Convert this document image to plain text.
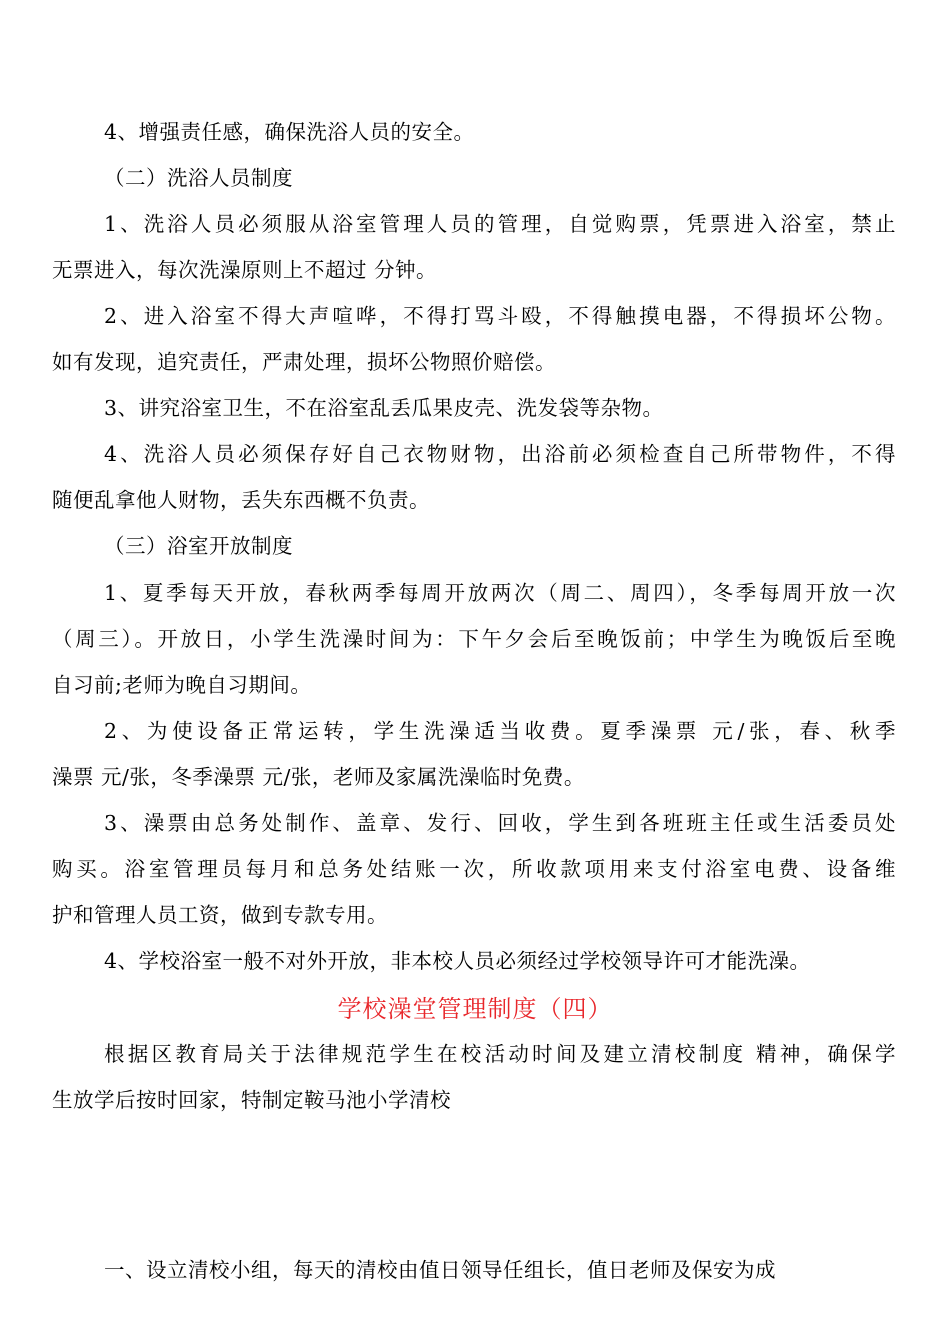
4、增强责任感，确保洗浴人员的安全。
（二）洗浴人员制度
1、洗浴人员必须服从浴室管理人员的管理，自觉购票，凭票进入浴室，禁止
无票进入，每次洗澡原则上不超过 分钟。
2、进入浴室不得大声喧哗，不得打骂斗殴，不得触摸电器，不得损坏公物。
如有发现，追究责任，严肃处理，损坏公物照价赔偿。
3、讲究浴室卫生，不在浴室乱丢瓜果皮壳、洗发袋等杂物。
4、洗浴人员必须保存好自己衣物财物，出浴前必须检查自己所带物件，不得
随便乱拿他人财物，丢失东西概不负责。
（三）浴室开放制度
1、夏季每天开放，春秋两季每周开放两次（周二、周四），冬季每周开放一次
（周三）。开放日，小学生洗澡时间为：下午夕会后至晚饭前；中学生为晚饭后至晚
自习前;老师为晚自习期间。
2、为使设备正常运转，学生洗澡适当收费。夏季澡票 元/张，春、秋季
澡票 元/张，冬季澡票 元/张，老师及家属洗澡临时免费。
3、澡票由总务处制作、盖章、发行、回收，学生到各班班主任或生活委员处
购买。浴室管理员每月和总务处结账一次，所收款项用来支付浴室电费、设备维
护和管理人员工资，做到专款专用。
4、学校浴室一般不对外开放，非本校人员必须经过学校领导许可才能洗澡。
学校澡堂管理制度（四）
根据区教育局关于法律规范学生在校活动时间及建立清校制度 精神，确保学
生放学后按时回家，特制定鞍马池小学清校
一、设立清校小组，每天的清校由值日领导任组长，值日老师及保安为成
